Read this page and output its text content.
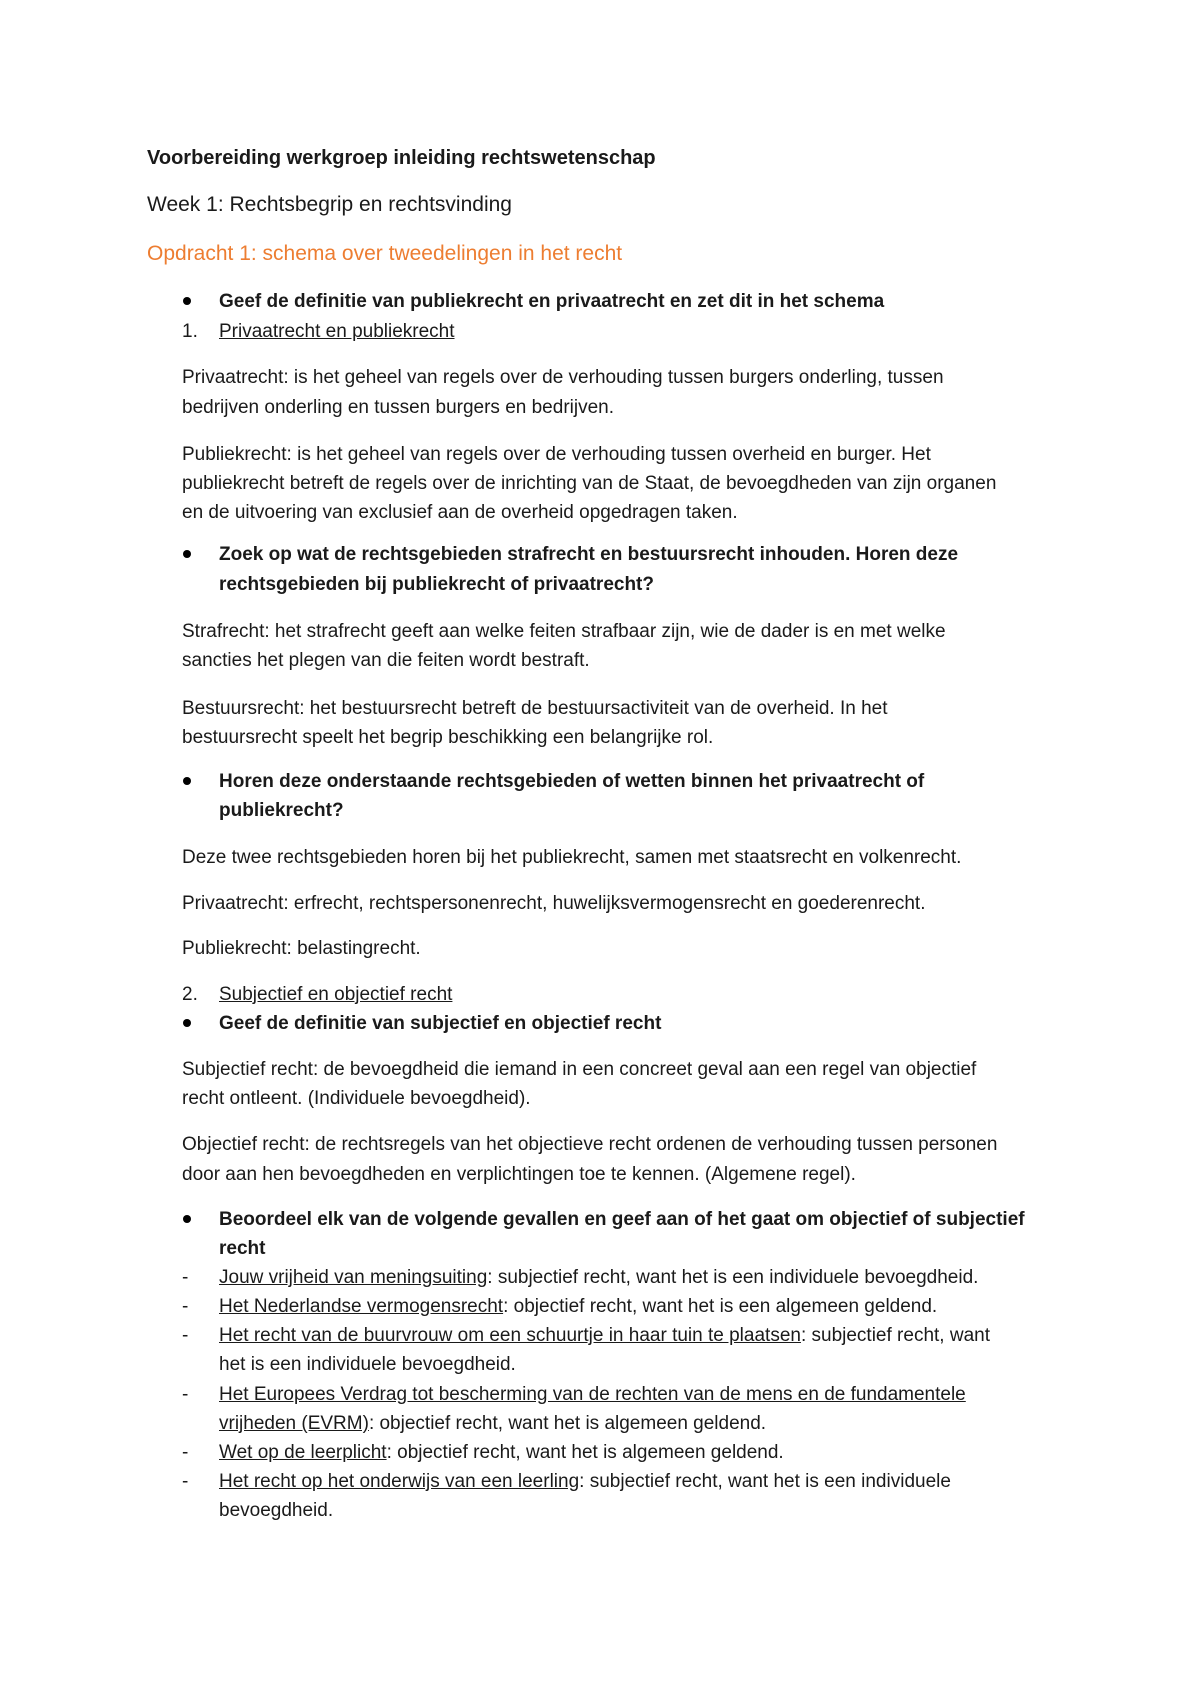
Voorbereiding werkgroep inleiding rechtswetenschap
Week 1: Rechtsbegrip en rechtsvinding
Opdracht 1: schema over tweedelingen in het recht
Geef de definitie van publiekrecht en privaatrecht en zet dit in het schema
1. Privaatrecht en publiekrecht
Privaatrecht: is het geheel van regels over de verhouding tussen burgers onderling, tussen
bedrijven onderling en tussen burgers en bedrijven.
Publiekrecht: is het geheel van regels over de verhouding tussen overheid en burger. Het
publiekrecht betreft de regels over de inrichting van de Staat, de bevoegdheden van zijn organen
en de uitvoering van exclusief aan de overheid opgedragen taken.
Zoek op wat de rechtsgebieden strafrecht en bestuursrecht inhouden. Horen deze
rechtsgebieden bij publiekrecht of privaatrecht?
Strafrecht: het strafrecht geeft aan welke feiten strafbaar zijn, wie de dader is en met welke
sancties het plegen van die feiten wordt bestraft.
Bestuursrecht: het bestuursrecht betreft de bestuursactiviteit van de overheid. In het
bestuursrecht speelt het begrip beschikking een belangrijke rol.
Horen deze onderstaande rechtsgebieden of wetten binnen het privaatrecht of
publiekrecht?
Deze twee rechtsgebieden horen bij het publiekrecht, samen met staatsrecht en volkenrecht.
Privaatrecht: erfrecht, rechtspersonenrecht, huwelijksvermogensrecht en goederenrecht.
Publiekrecht: belastingrecht.
2. Subjectief en objectief recht
Geef de definitie van subjectief en objectief recht
Subjectief recht: de bevoegdheid die iemand in een concreet geval aan een regel van objectief
recht ontleent. (Individuele bevoegdheid).
Objectief recht: de rechtsregels van het objectieve recht ordenen de verhouding tussen personen
door aan hen bevoegdheden en verplichtingen toe te kennen. (Algemene regel).
Beoordeel elk van de volgende gevallen en geef aan of het gaat om objectief of subjectief
recht
- Jouw vrijheid van meningsuiting: subjectief recht, want het is een individuele bevoegdheid.
- Het Nederlandse vermogensrecht: objectief recht, want het is een algemeen geldend.
- Het recht van de buurvrouw om een schuurtje in haar tuin te plaatsen: subjectief recht, want
het is een individuele bevoegdheid.
- Het Europees Verdrag tot bescherming van de rechten van de mens en de fundamentele
vrijheden (EVRM): objectief recht, want het is algemeen geldend.
- Wet op de leerplicht: objectief recht, want het is algemeen geldend.
- Het recht op het onderwijs van een leerling: subjectief recht, want het is een individuele
bevoegdheid.
